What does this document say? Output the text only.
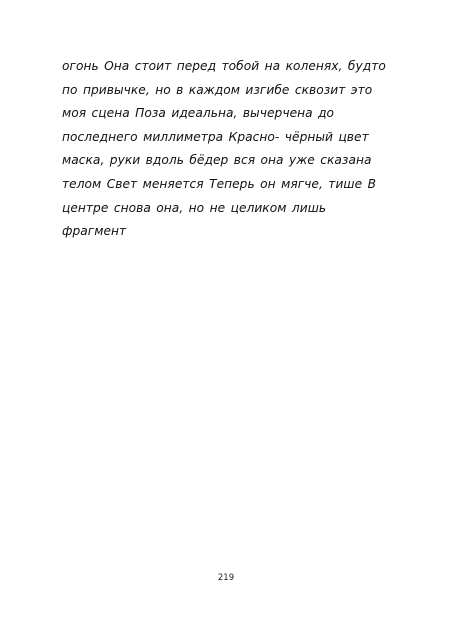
огонь Она стоит перед тобой на коленях, будто
по привычке, но в каждом изгибе сквозит это
моя сцена Поза идеальна, вычерчена до
последнего миллиметра Красно- чёрный цвет
маска, руки вдоль бёдер вся она уже сказана
телом Свет меняется Теперь он мягче, тише В
центре снова она, но не целиком лишь
фрагмент
219
